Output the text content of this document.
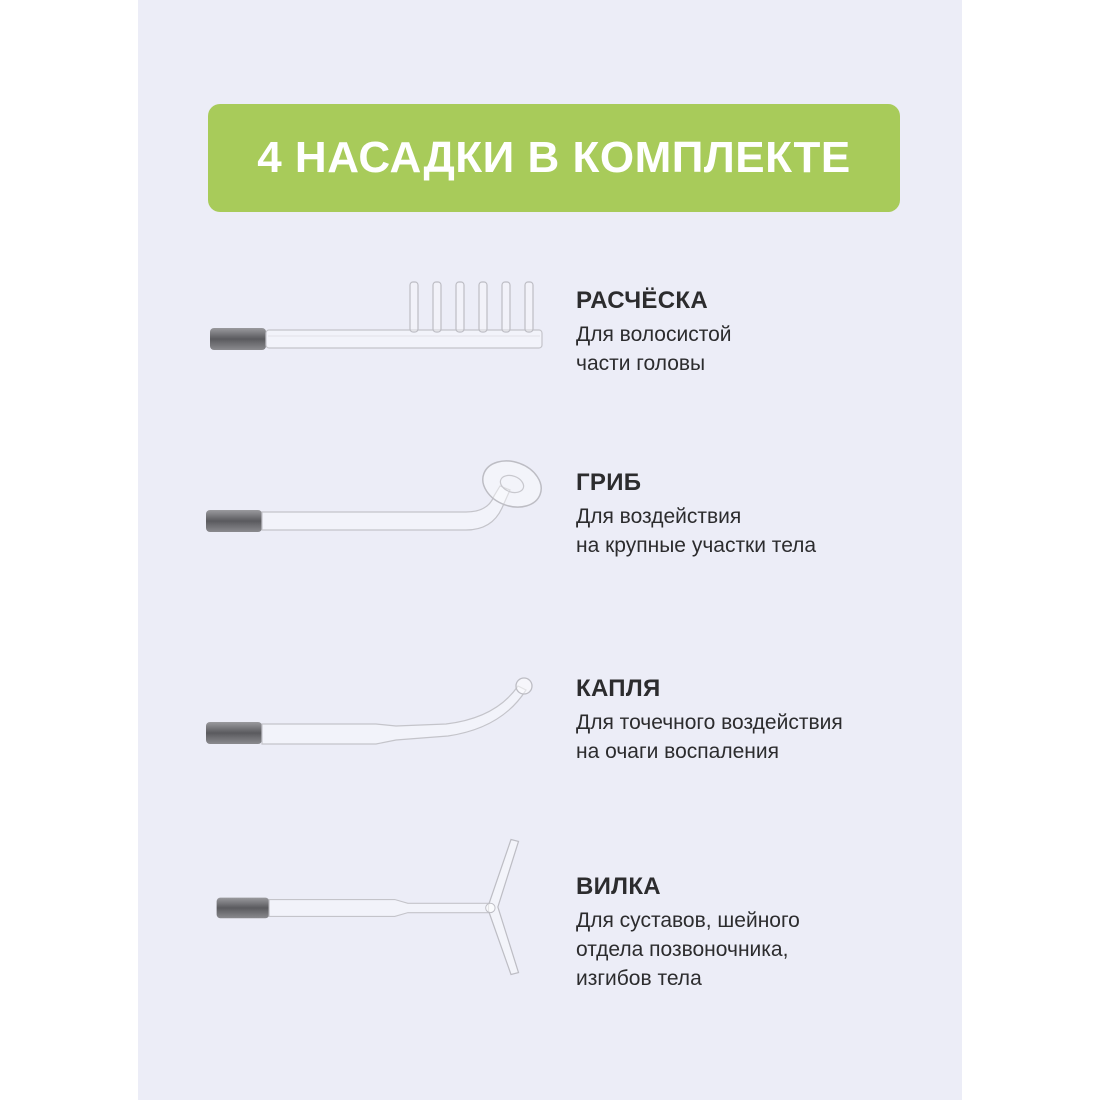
4 НАСАДКИ В КОМПЛЕКТЕ
РАСЧЁСКА
Для волосистой
части головы
ГРИБ
Для воздействия
на крупные участки тела
КАПЛЯ
Для точечного воздействия
на очаги воспаления
ВИЛКА
Для суставов, шейного
отдела позвоночника,
изгибов тела
